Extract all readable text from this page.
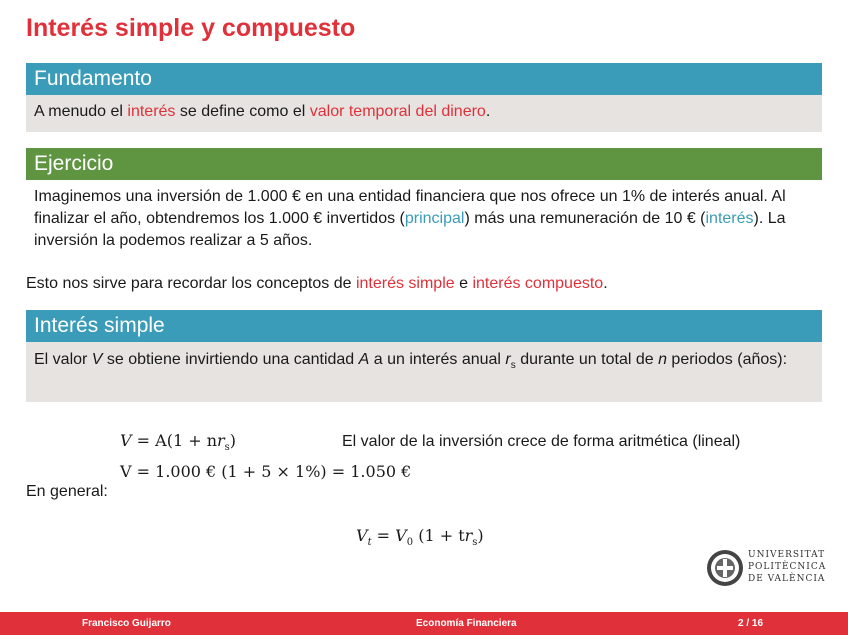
Interés simple y compuesto
Fundamento
A menudo el interés se define como el valor temporal del dinero.
Ejercicio
Imaginemos una inversión de 1.000 € en una entidad financiera que nos ofrece un 1% de interés anual. Al finalizar el año, obtendremos los 1.000 € invertidos (principal) más una remuneración de 10 € (interés). La inversión la podemos realizar a 5 años.
Esto nos sirve para recordar los conceptos de interés simple e interés compuesto.
Interés simple
El valor V se obtiene invirtiendo una cantidad A a un interés anual $r_s$ durante un total de n periodos (años):
$V = A(1 + nr_s)$	El valor de la inversión crece de forma aritmética (lineal)
V = 1.000 € (1 + 5 × 1%) = 1.050 €
En general:
$V_t = V_0$ $(1 + tr_s)$
UNIVERSITAT
POLITÈCNICA
DE VALÈNCIA
Francisco Guijarro	Economía Financiera	2 / 16
